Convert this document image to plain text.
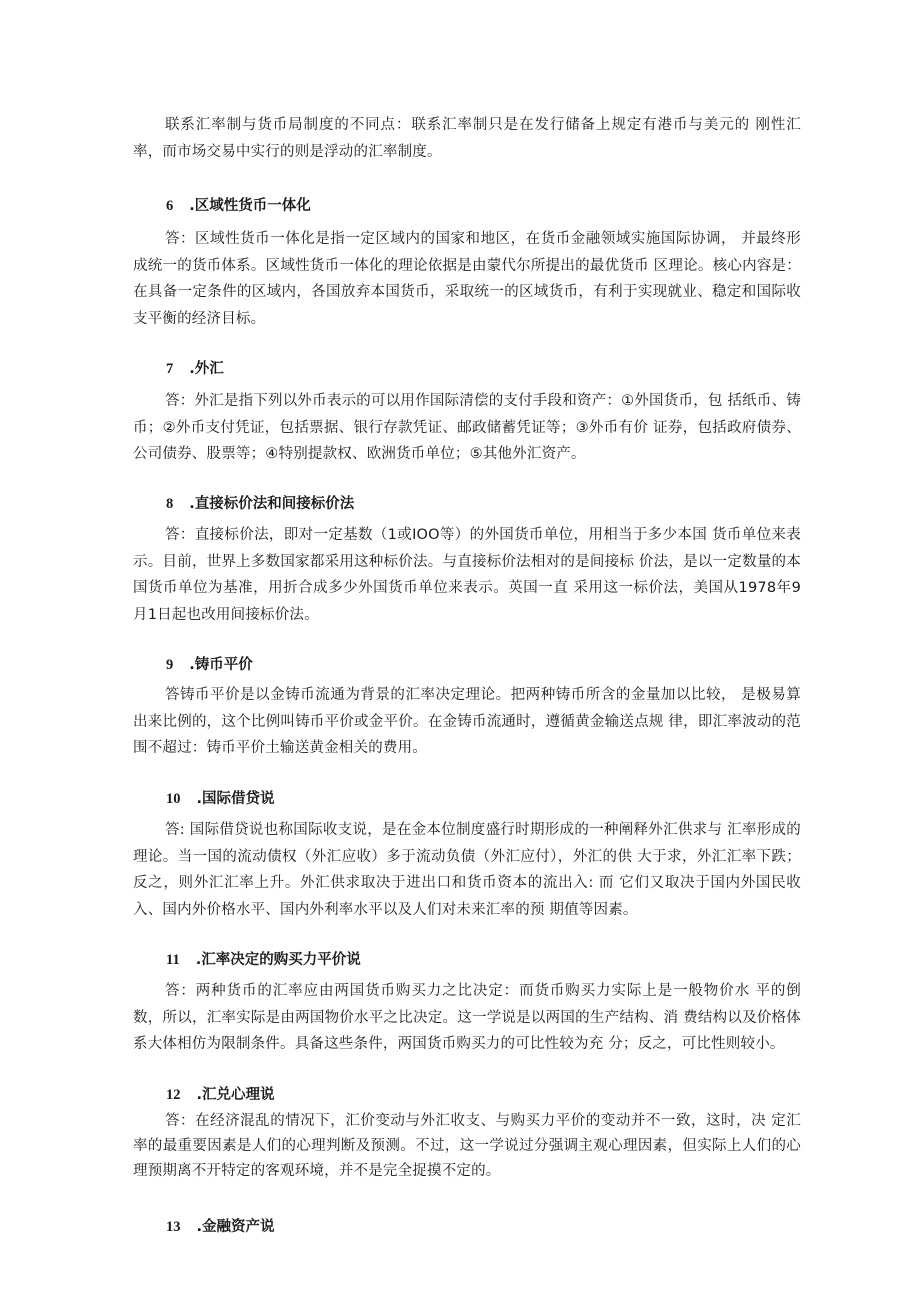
联系汇率制与货币局制度的不同点：联系汇率制只是在发行储备上规定有港币与美元的 刚性汇率，而市场交易中实行的则是浮动的汇率制度。

6 .区域性货币一体化

答：区域性货币一体化是指一定区域内的国家和地区，在货币金融领域实施国际协调， 并最终形成统一的货币体系。区域性货币一体化的理论依据是由蒙代尔所提出的最优货币 区理论。核心内容是：在具备一定条件的区域内，各国放弃本国货币，采取统一的区域货币，有利于实现就业、稳定和国际收支平衡的经济目标。

7 .外汇

答：外汇是指下列以外币表示的可以用作国际清偿的支付手段和资产：①外国货币，包 括纸币、铸币；②外币支付凭证，包括票据、银行存款凭证、邮政储蓄凭证等；③外币有价 证券，包括政府债券、公司债券、股票等；④特别提款权、欧洲货币单位；⑤其他外汇资产。

8 .直接标价法和间接标价法

答：直接标价法，即对一定基数（1或IOO等）的外国货币单位，用相当于多少本国 货币单位来表示。目前，世界上多数国家都采用这种标价法。与直接标价法相对的是间接标 价法，是以一定数量的本国货币单位为基准，用折合成多少外国货币单位来表示。英国一直 采用这一标价法，美国从1978年9月1日起也改用间接标价法。

9 .铸币平价

答铸币平价是以金铸币流通为背景的汇率决定理论。把两种铸币所含的金量加以比较， 是极易算出来比例的，这个比例叫铸币平价或金平价。在金铸币流通时，遵循黄金输送点规 律，即汇率波动的范围不超过：铸币平价土输送黄金相关的费用。

10 .国际借贷说

答: 国际借贷说也称国际收支说，是在金本位制度盛行时期形成的一种阐释外汇供求与 汇率形成的理论。当一国的流动债权（外汇应收）多于流动负债（外汇应付），外汇的供 大于求，外汇汇率下跌；反之，则外汇汇率上升。外汇供求取决于进出口和货币资本的流出入: 而 它们又取决于国内外国民收入、国内外价格水平、国内外利率水平以及人们对未来汇率的预 期值等因素。

11 .汇率决定的购买力平价说

答：两种货币的汇率应由两国货币购买力之比决定：而货币购买力实际上是一般物价水 平的倒数，所以，汇率实际是由两国物价水平之比决定。这一学说是以两国的生产结构、消 费结构以及价格体系大体相仿为限制条件。具备这些条件，两国货币购买力的可比性较为充 分；反之，可比性则较小。

12 .汇兑心理说

答：在经济混乱的情况下，汇价变动与外汇收支、与购买力平价的变动并不一致，这时，决 定汇率的最重要因素是人们的心理判断及预测。不过，这一学说过分强调主观心理因素，但实际上人们的心理预期离不开特定的客观环境，并不是完全捉摸不定的。

13 .金融资产说
